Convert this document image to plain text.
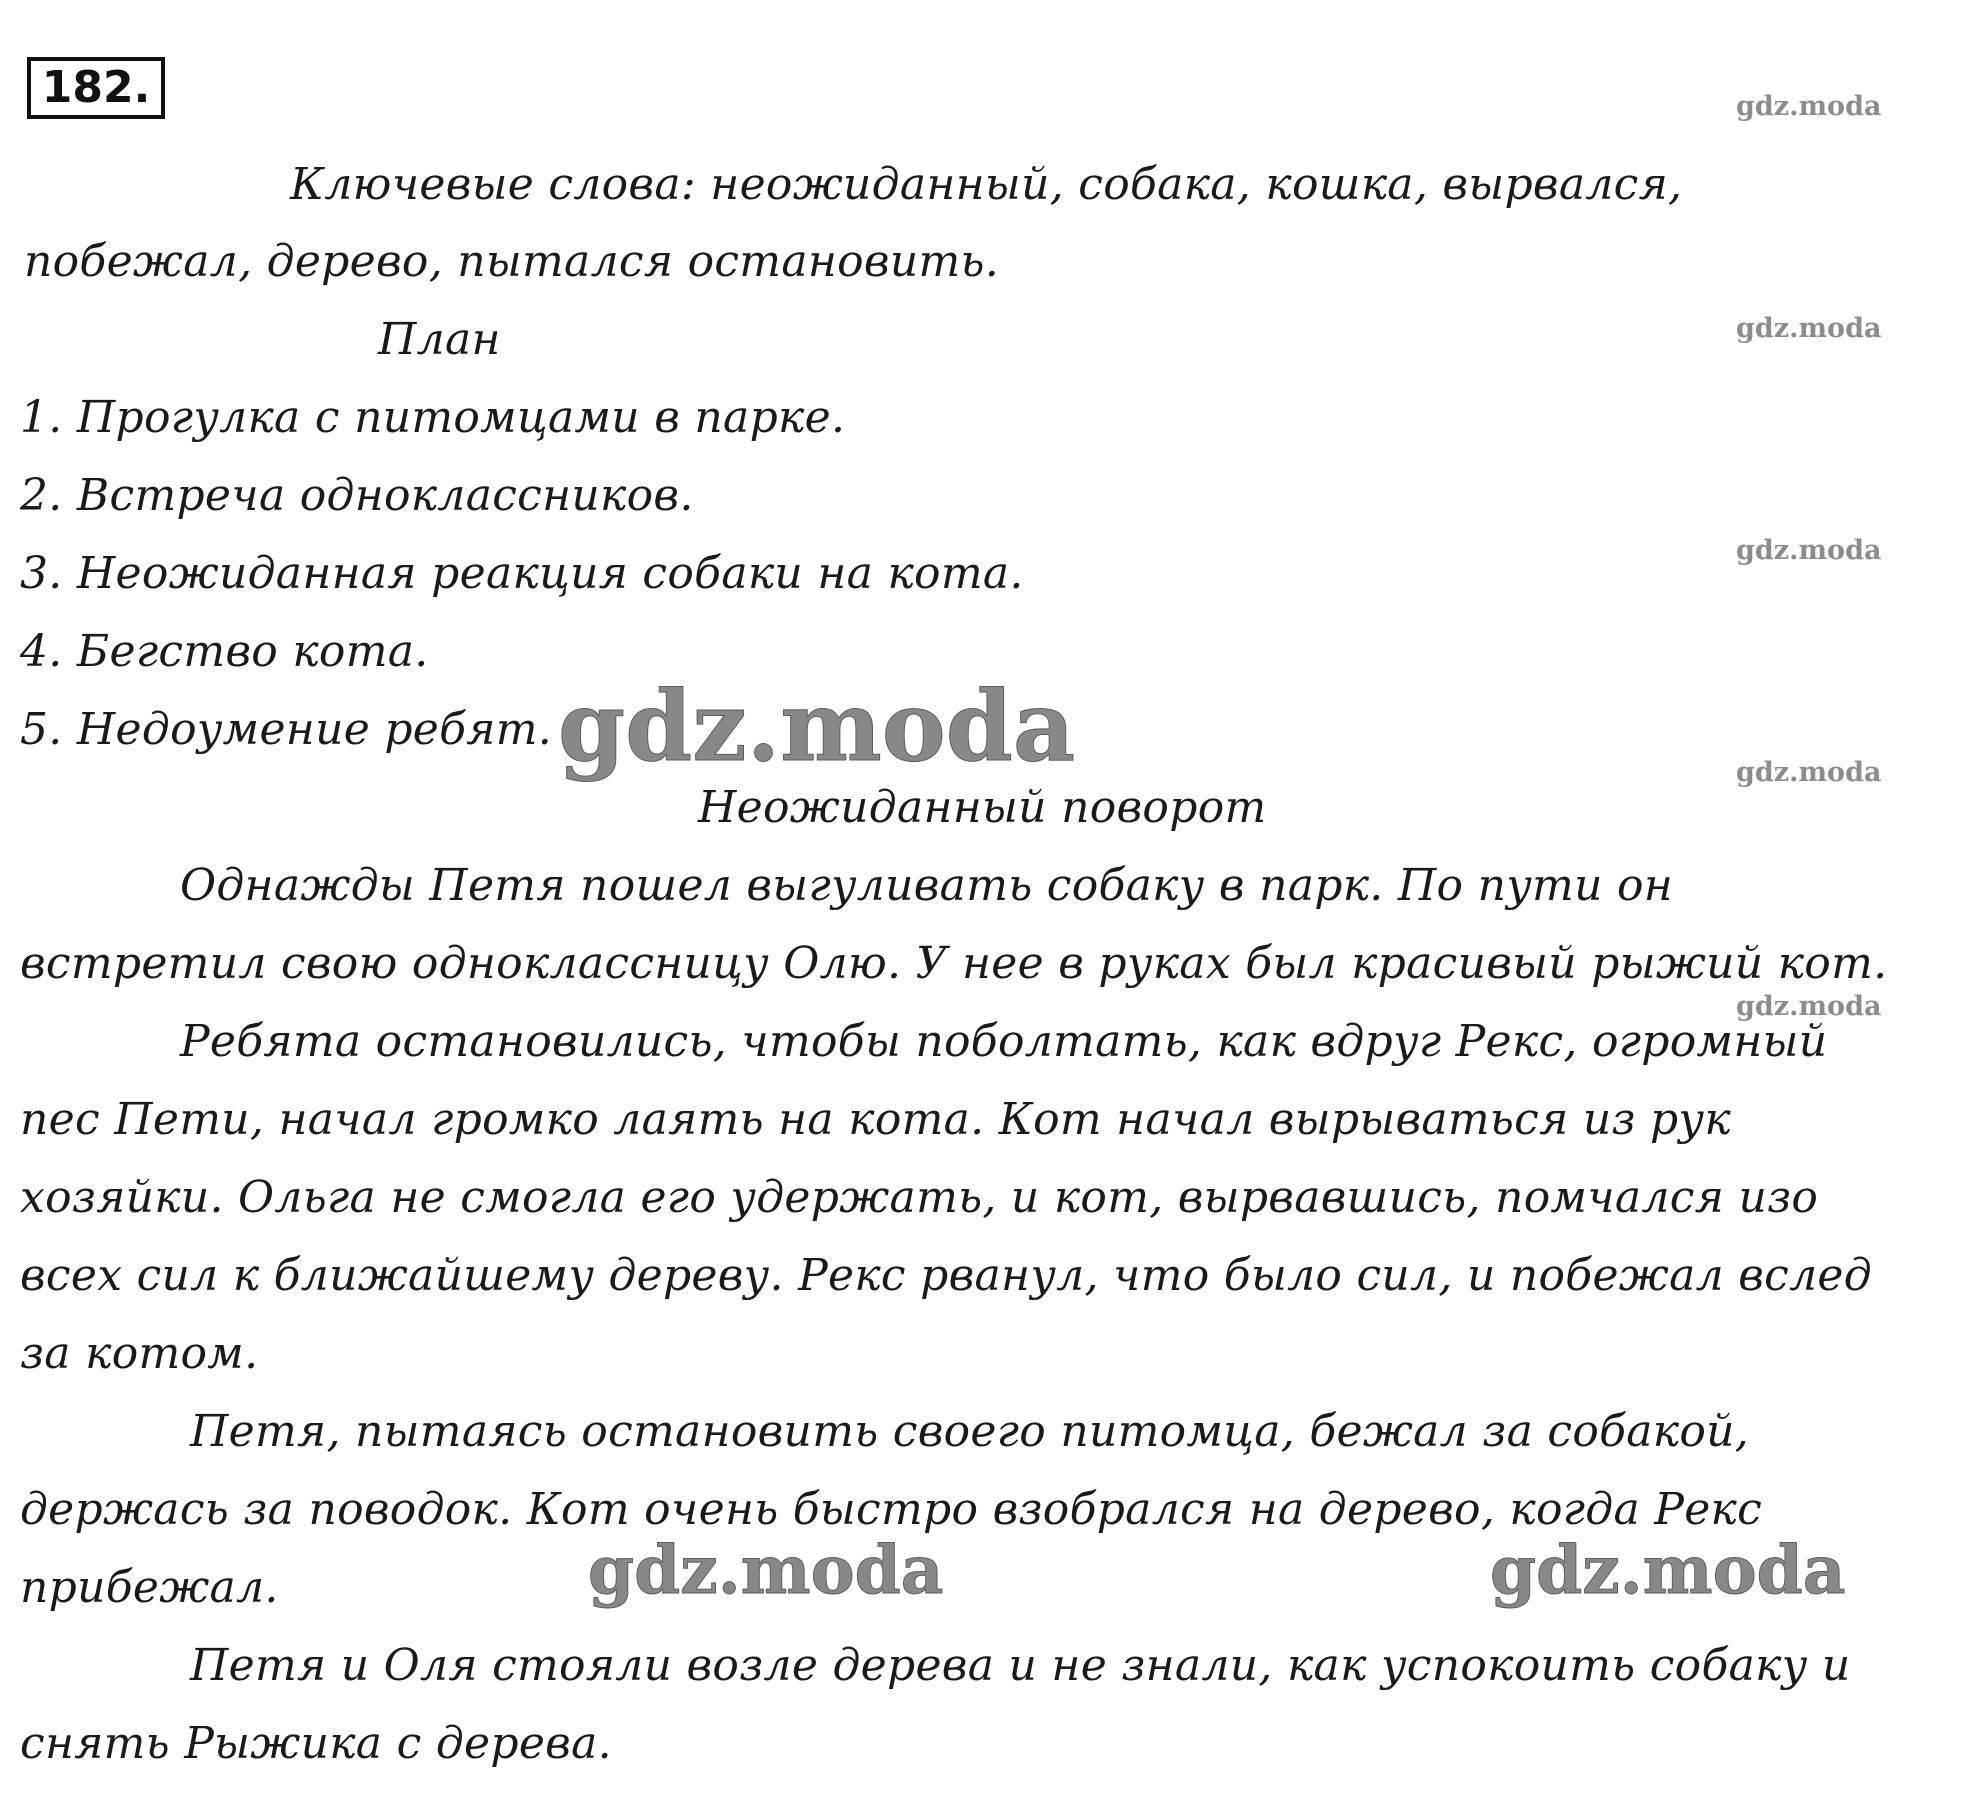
182.	gdz.moda
gdz.moda
gdz.moda
gdz.moda
gdz.moda
Ключевые слова: неожиданный, собака, кошка, вырвался,
побежал, дерево, пытался остановить.
План
1. Прогулка с питомцами в парке.
2. Встреча одноклассников.
3. Неожиданная реакция собаки на кота.
4. Бегство кота.
5. Недоумение ребят.
Неожиданный поворот
Однажды Петя пошел выгуливать собаку в парк. По пути он
встретил свою одноклассницу Олю. У нее в руках был красивый рыжий кот.
Ребята остановились, чтобы поболтать, как вдруг Рекс, огромный
пес Пети, начал громко лаять на кота. Кот начал вырываться из рук
хозяйки. Ольга не смогла его удержать, и кот, вырвавшись, помчался изо
всех сил к ближайшему дереву. Рекс рванул, что было сил, и побежал вслед
за котом.
Петя, пытаясь остановить своего питомца, бежал за собакой,
держась за поводок. Кот очень быстро взобрался на дерево, когда Рекс
прибежал.
Петя и Оля стояли возле дерева и не знали, как успокоить собаку и
снять Рыжика с дерева.
gdz.moda
gdz.moda	gdz.moda
